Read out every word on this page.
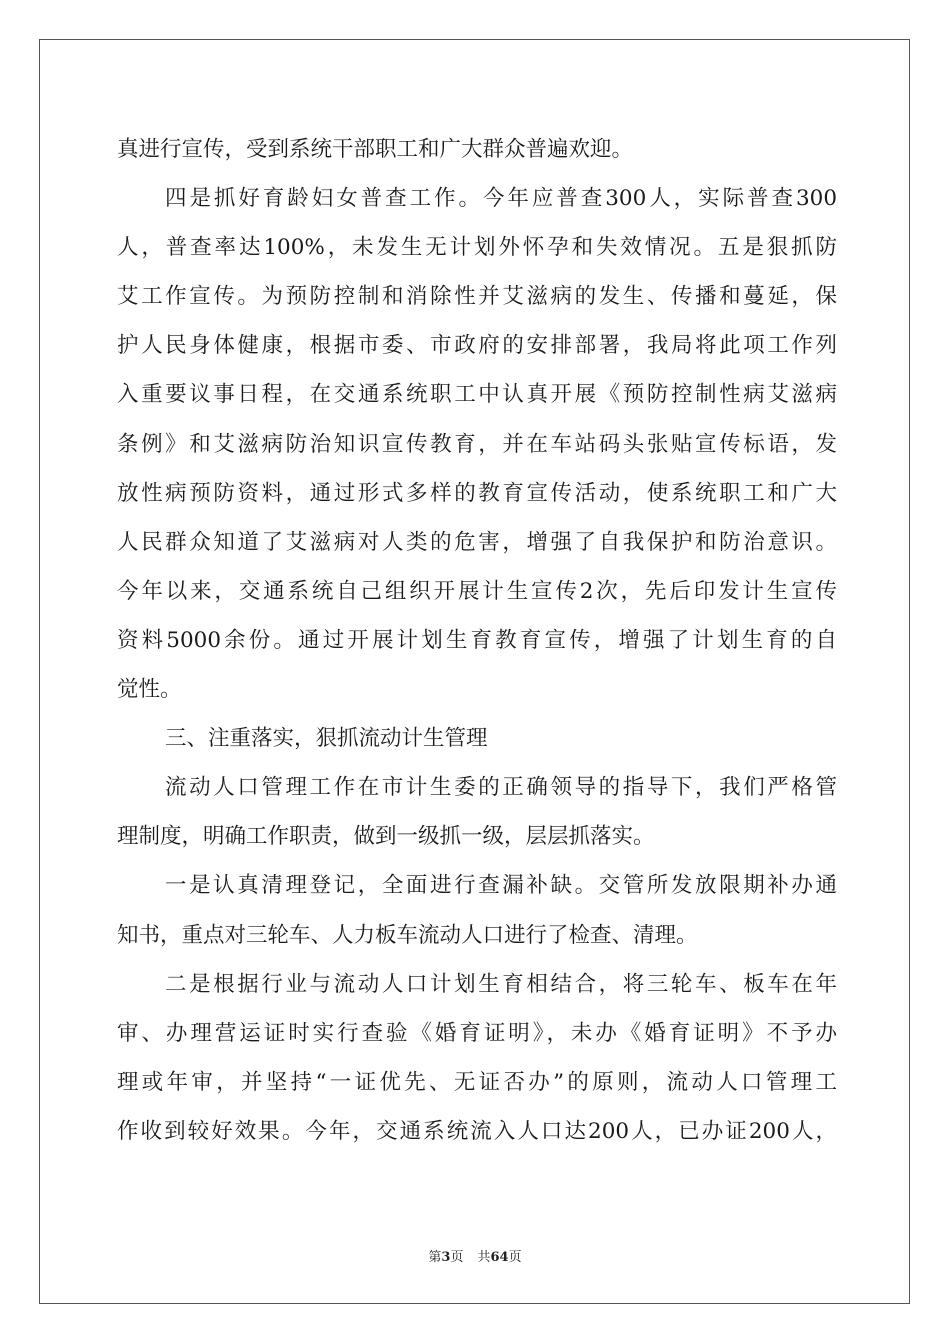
真进行宣传，受到系统干部职工和广大群众普遍欢迎。
四是抓好育龄妇女普查工作。今年应普查300人，实际普查300
人，普查率达100%，未发生无计划外怀孕和失效情况。五是狠抓防
艾工作宣传。为预防控制和消除性并艾滋病的发生、传播和蔓延，保
护人民身体健康，根据市委、市政府的安排部署，我局将此项工作列
入重要议事日程，在交通系统职工中认真开展《预防控制性病艾滋病
条例》和艾滋病防治知识宣传教育，并在车站码头张贴宣传标语，发
放性病预防资料，通过形式多样的教育宣传活动，使系统职工和广大
人民群众知道了艾滋病对人类的危害，增强了自我保护和防治意识。
今年以来，交通系统自己组织开展计生宣传2次，先后印发计生宣传
资料5000余份。通过开展计划生育教育宣传，增强了计划生育的自
觉性。
三、注重落实，狠抓流动计生管理
流动人口管理工作在市计生委的正确领导的指导下，我们严格管
理制度，明确工作职责，做到一级抓一级，层层抓落实。
一是认真清理登记，全面进行查漏补缺。交管所发放限期补办通
知书，重点对三轮车、人力板车流动人口进行了检查、清理。
二是根据行业与流动人口计划生育相结合，将三轮车、板车在年
审、办理营运证时实行查验《婚育证明》，未办《婚育证明》不予办
理或年审，并坚持“一证优先、无证否办”的原则，流动人口管理工
作收到较好效果。今年，交通系统流入人口达200人，已办证200人，
第3页 共64页
